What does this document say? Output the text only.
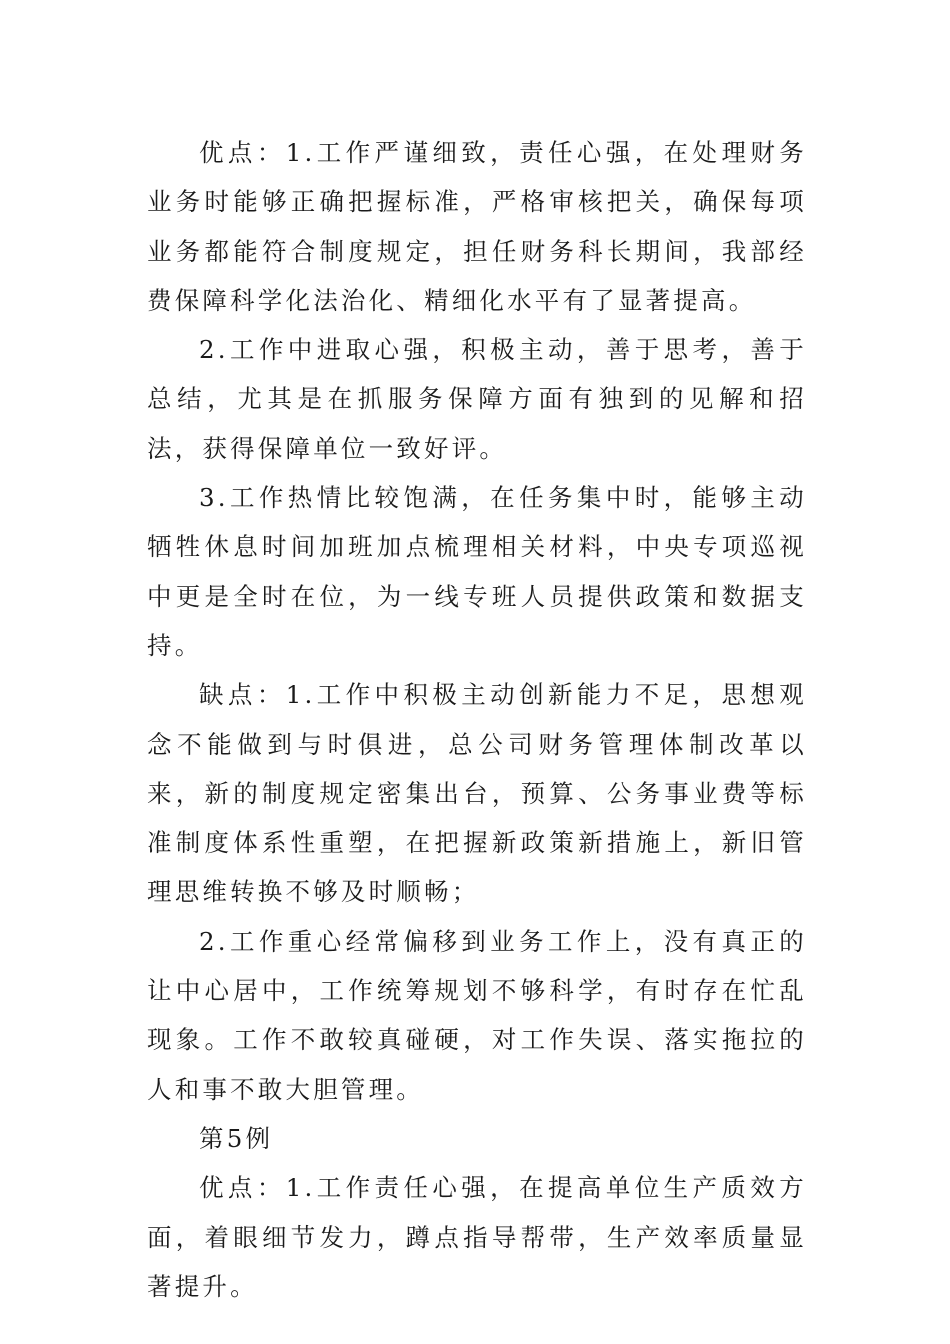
优点：1.工作严谨细致，责任心强，在处理财务业务时能够正确把握标准，严格审核把关，确保每项业务都能符合制度规定，担任财务科长期间，我部经费保障科学化法治化、精细化水平有了显著提高。

2.工作中进取心强，积极主动，善于思考，善于总结，尤其是在抓服务保障方面有独到的见解和招法，获得保障单位一致好评。

3.工作热情比较饱满，在任务集中时，能够主动牺牲休息时间加班加点梳理相关材料，中央专项巡视中更是全时在位，为一线专班人员提供政策和数据支持。

缺点：1.工作中积极主动创新能力不足，思想观念不能做到与时俱进，总公司财务管理体制改革以来，新的制度规定密集出台，预算、公务事业费等标准制度体系性重塑，在把握新政策新措施上，新旧管理思维转换不够及时顺畅；

2.工作重心经常偏移到业务工作上，没有真正的让中心居中，工作统筹规划不够科学，有时存在忙乱现象。工作不敢较真碰硬，对工作失误、落实拖拉的人和事不敢大胆管理。

第5例

优点：1.工作责任心强，在提高单位生产质效方面，着眼细节发力，蹲点指导帮带，生产效率质量显著提升。
